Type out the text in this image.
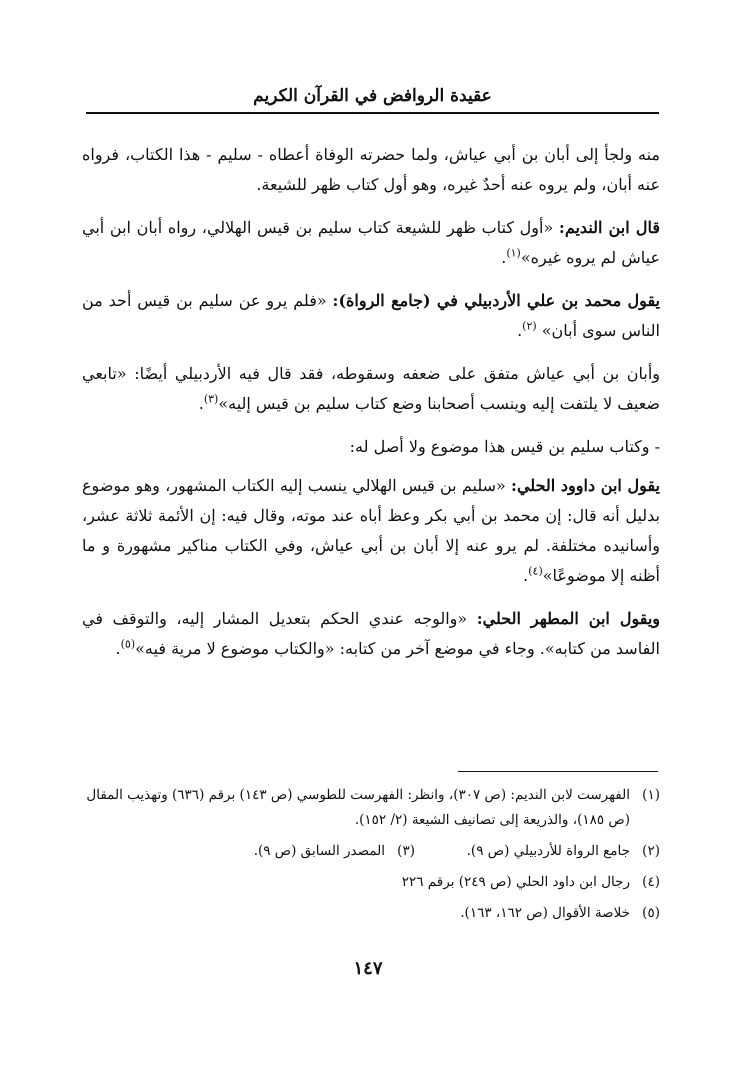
عقيدة الروافض في القرآن الكريم

منه ولجأ إلى أبان بن أبي عياش، ولما حضرته الوفاة أعطاه - سليم - هذا الكتاب، فرواه عنه أبان، ولم يروه عنه أحدٌ غيره، وهو أول كتاب ظهر للشيعة.

قال ابن النديم: «أول كتاب ظهر للشيعة كتاب سليم بن قيس الهلالي، رواه أبان ابن أبي عياش لم يروه غيره»$^{(١)}$.

يقول محمد بن علي الأردبيلي في (جامع الرواة): «فلم يرو عن سليم بن قيس أحد من الناس سوى أبان» $^{(٢)}$.

وأبان بن أبي عياش متفق على ضعفه وسقوطه، فقد قال فيه الأردبيلي أيضًا: «تابعي ضعيف لا يلتفت إليه وينسب أصحابنا وضع كتاب سليم بن قيس إليه»$^{(٣)}$.

- وكتاب سليم بن قيس هذا موضوع ولا أصل له:

يقول ابن داوود الحلي: «سليم بن قيس الهلالي ينسب إليه الكتاب المشهور، وهو موضوع بدليل أنه قال: إن محمد بن أبي بكر وعظ أباه عند موته، وقال فيه: إن الأئمة ثلاثة عشر، وأسانيده مختلفة. لم يرو عنه إلا أبان بن أبي عياش، وفي الكتاب مناكير مشهورة و ما أظنه إلا موضوعًا»$^{(٤)}$.

ويقول ابن المطهر الحلي: «والوجه عندي الحكم بتعديل المشار إليه، والتوقف في الفاسد من كتابه». وجاء في موضع آخر من كتابه: «والكتاب موضوع لا مرية فيه»$^{(٥)}$.

(١)
الفهرست لابن النديم: (ص ٣٠٧)، وانظر: الفهرست للطوسي (ص ١٤٣) برقم (٦٣٦) وتهذيب المقال (ص ١٨٥)، والذريعة إلى تصانيف الشيعة (٢/ ١٥٢).
(٢)
جامع الرواة للأردبيلي (ص ٩).
(٣)
المصدر السابق (ص ٩).
(٤)
رجال ابن داود الحلي (ص ٢٤٩) برقم ٢٢٦
(٥)
خلاصة الأقوال (ص ١٦٢، ١٦٣).
١٤٧
